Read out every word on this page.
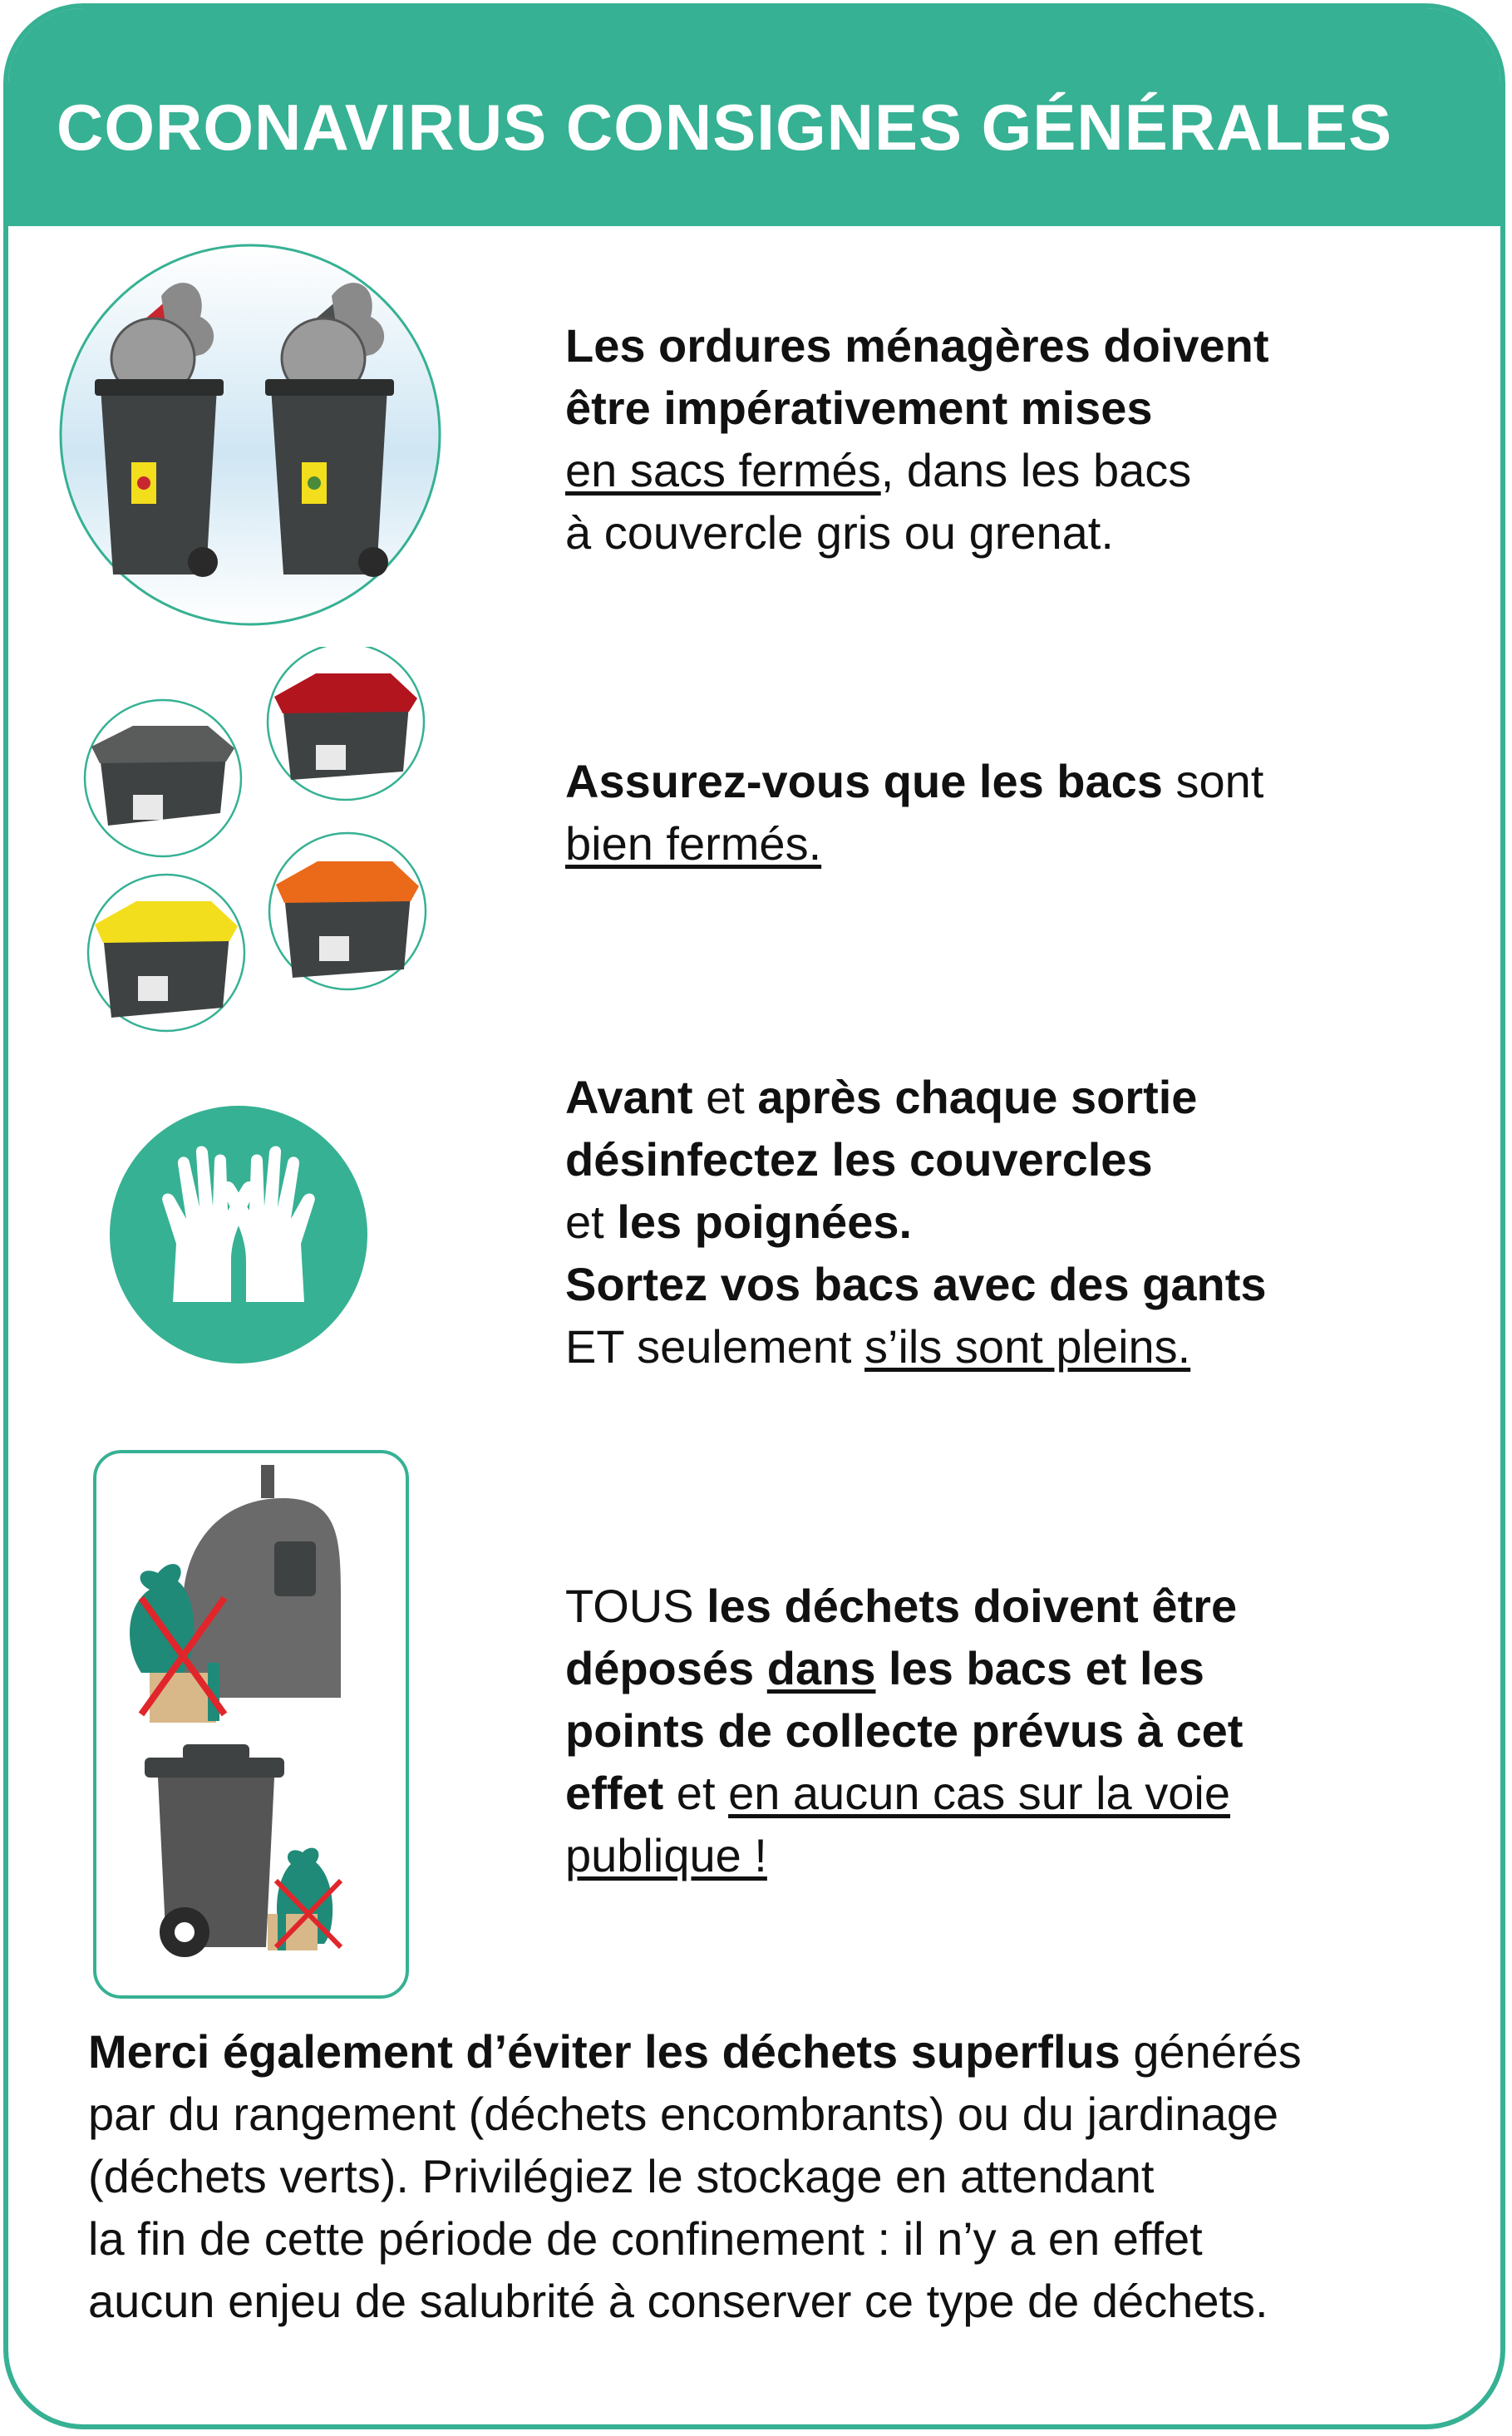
CORONAVIRUS CONSIGNES GÉNÉRALES
Les ordures ménagères doivent
être impérativement mises
en sacs fermés, dans les bacs
à couvercle gris ou grenat.
Assurez-vous que les bacs sont
bien fermés.
Avant et après chaque sortie
désinfectez les couvercles
et les poignées.
Sortez vos bacs avec des gants
ET seulement s’ils sont pleins.
TOUS les déchets doivent être
déposés dans les bacs et les
points de collecte prévus à cet
effet et en aucun cas sur la voie
publique !
Merci également d’éviter les déchets superflus générés
par du rangement (déchets encombrants) ou du jardinage
(déchets verts). Privilégiez le stockage en attendant
la fin de cette période de confinement : il n’y a en effet
aucun enjeu de salubrité à conserver ce type de déchets.
